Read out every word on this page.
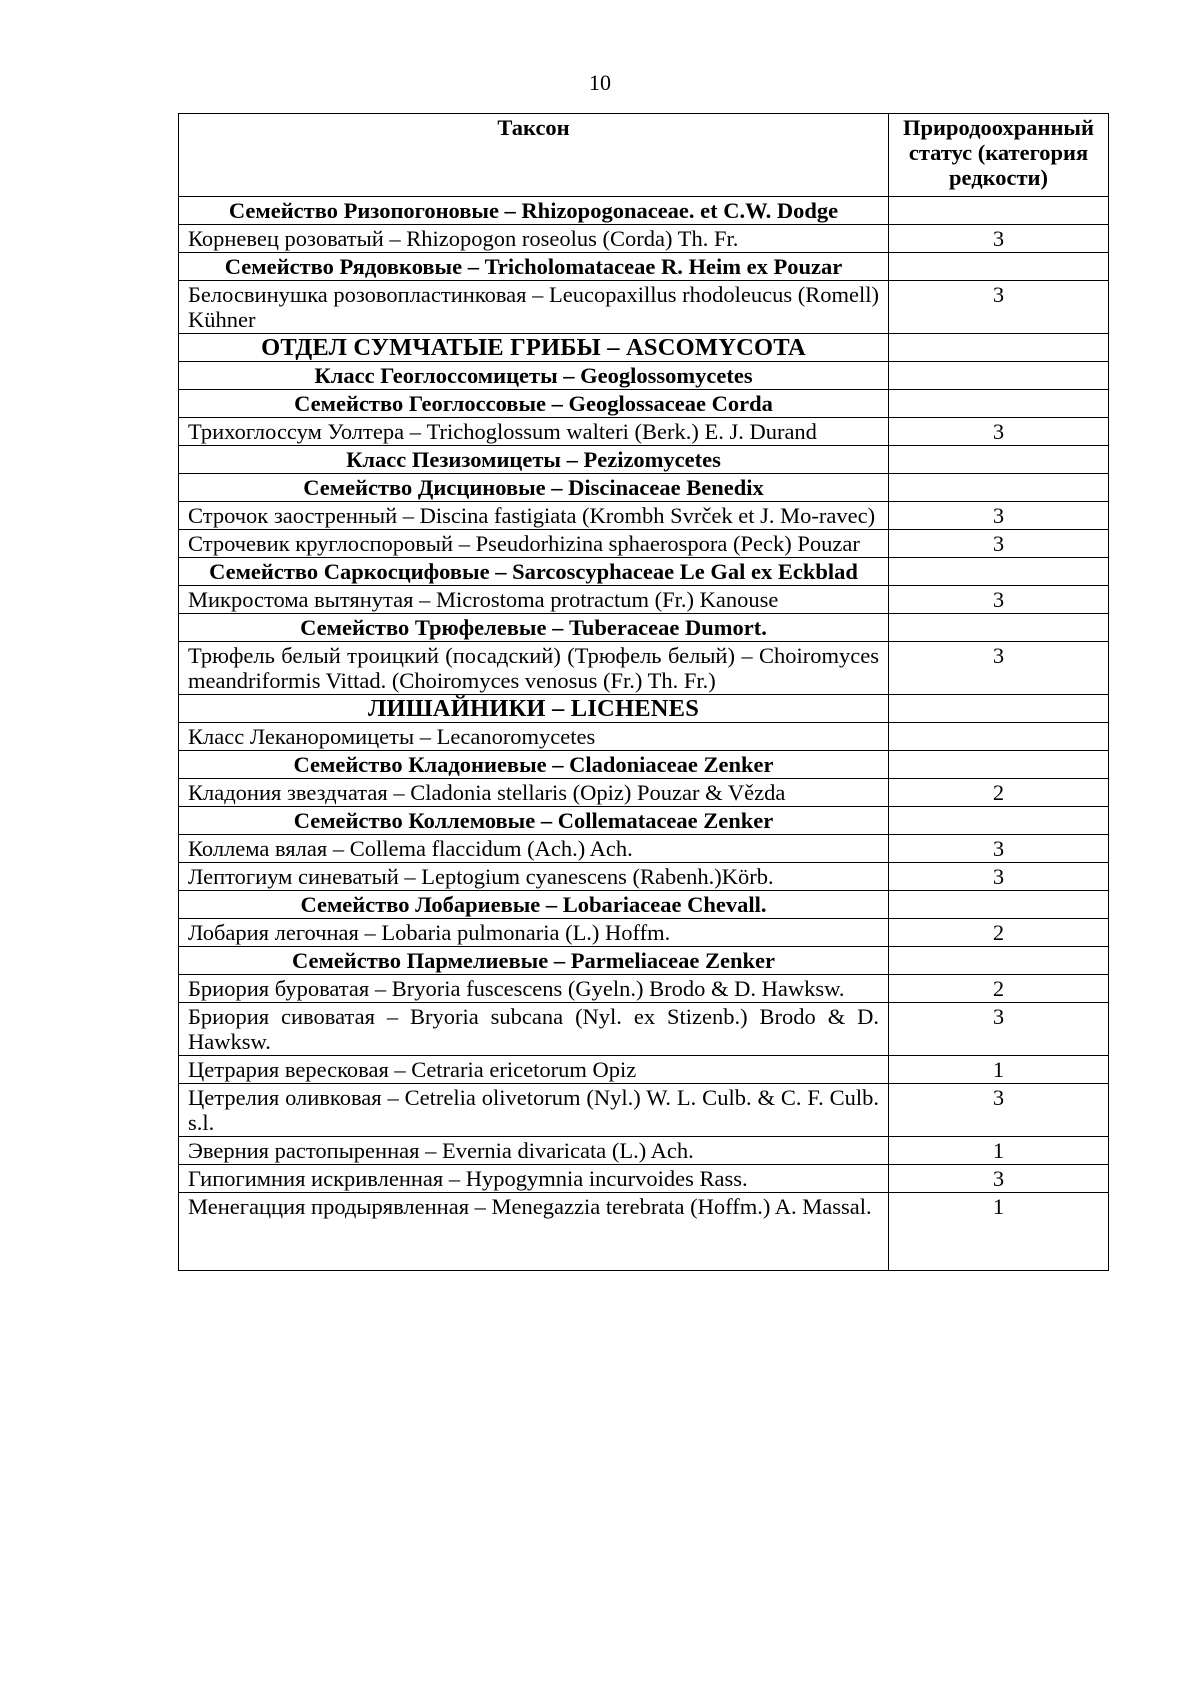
10
Таксон	Природоохранный статус (категория редкости)
Семейство Ризопогоновые – Rhizopogonaceae. et C.W. Dodge	
Корневец розоватый – Rhizopogon roseolus (Corda) Th. Fr.	3
Семейство Рядовковые – Tricholomataceae R. Heim ex Pouzar	
Белосвинушка розовопластинковая – Leucopaxillus rhodoleucus (Romell) Kühner	3
ОТДЕЛ СУМЧАТЫЕ ГРИБЫ – ASCOMYCOTA	
Класс Геоглоссомицеты – Geoglossomycetes	
Семейство Геоглоссовые – Geoglossaceae Corda	
Трихоглоссум Уолтера – Trichoglossum walteri (Berk.) E. J. Durand	3
Класс Пезизомицеты – Pezizomycetes	
Семейство Дисциновые – Discinaceae Benedix	
Строчок заостренный – Discina fastigiata (Krombh Svrček et J. Mo-ravec)	3
Строчевик круглоспоровый – Pseudorhizina sphaerospora (Peck) Pouzar	3
Семейство Саркосцифовые – Sarcoscyphaceae Le Gal ex Eckblad	
Микростома вытянутая – Microstoma protractum (Fr.) Kanouse	3
Семейство Трюфелевые – Tuberaceae Dumort.	
Трюфель белый троицкий (посадский) (Трюфель белый) – Choiromyces meandriformis Vittad. (Choiromyces venosus (Fr.) Th. Fr.)	3
ЛИШАЙНИКИ – LICHENES	
Класс Леканоромицеты – Lecanoromycetes	
Семейство Кладониевые – Cladoniaceae Zenker	
Кладония звездчатая – Cladonia stellaris (Opiz) Pouzar & Vězda	2
Семейство Коллемовые – Collemataceae Zenker	
Коллема вялая – Collema flaccidum (Ach.) Ach.	3
Лептогиум синеватый – Leptogium cyanescens (Rabenh.)Körb.	3
Семейство Лобариевые – Lobariaceae Chevall.	
Лобария легочная – Lobaria pulmonaria (L.) Hoffm.	2
Семейство Пармелиевые – Parmeliaceae Zenker	
Бриория буроватая – Bryoria fuscescens (Gyeln.) Brodo & D. Hawksw.	2
Бриория сивоватая – Bryoria subcana (Nyl. ex Stizenb.) Brodo & D. Hawksw.	3
Цетрария вересковая – Cetraria ericetorum Opiz	1
Цетрелия оливковая – Cetrelia olivetorum (Nyl.) W. L. Culb. & C. F. Culb. s.l.	3
Эверния растопыренная – Evernia divaricata (L.) Ach.	1
Гипогимния искривленная – Hypogymnia incurvoides Rass.	3
Менегацция продырявленная – Menegazzia terebrata (Hoffm.) A. Massal.	1
